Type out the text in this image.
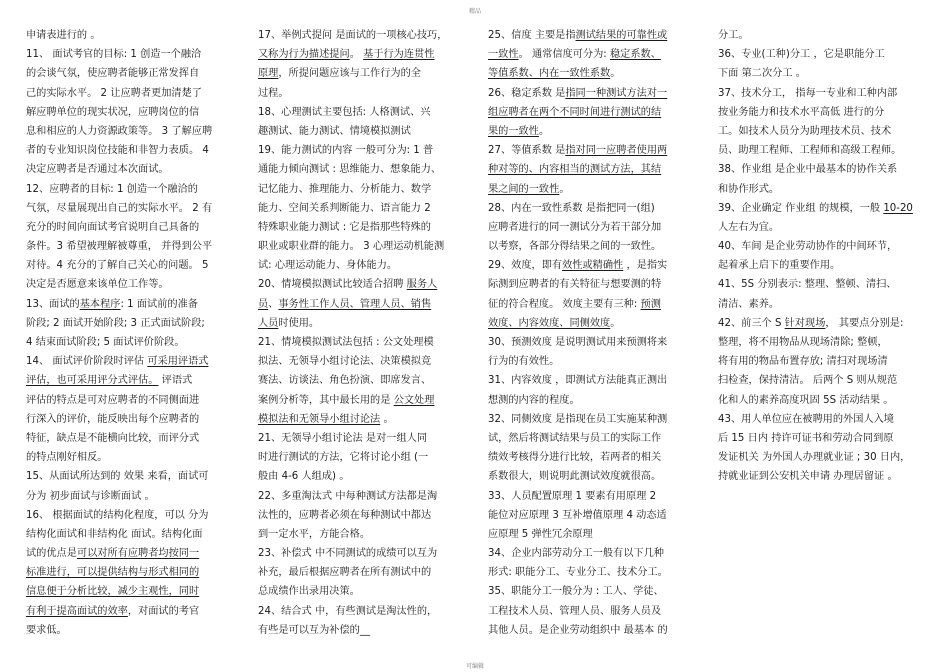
精品
申请表进行的 。
11、 面试考官的目标: 1 创造一个融洽
的会谈气氛，使应聘者能够正常发挥自
己的实际水平。 2 让应聘者更加清楚了
解应聘单位的现实状况，应聘岗位的信
息和相应的人力资源政策等。 3 了解应聘
者的专业知识岗位技能和非智力表质。 4
决定应聘者是否通过本次面试。
12、应聘者的目标: 1 创造一个融洽的
气氛，尽量展现出自己的实际水平。 2 有
充分的时间向面试考官说明自己具备的
条件。3 希望被理解被尊重， 并得到公平
对待。4 充分的了解自己关心的问题。 5
决定是否愿意来该单位工作等。
13、面试的基本程序: 1 面试前的准备
阶段; 2 面试开始阶段; 3 正式面试阶段;
4 结束面试阶段; 5 面试评价阶段。
14、 面试评价阶段时评估 可采用评语式
评估，也可采用评分式评估。 评语式
评估的特点是可对应聘者的不同侧面进
行深入的评价，能反映出每个应聘者的
特征，缺点是不能横向比较，而评分式
的特点刚好相反。
15、从面试所达到的 效果 来看，面试可
分为 初步面试与诊断面试 。
16、 根据面试的结构化程度，可以 分为
结构化面试和非结构化 面试。结构化面
试的优点是可以对所有应聘者均按同一
标准进行，可以提供结构与形式相同的
信息便于分析比较，减少主观性，同时
有利于提高面试的效率，对面试的考官
要求低。
17、举例式提问 是面试的一项核心技巧，
又称为行为描述提问。 基于行为连贯性
原理，所提问题应该与工作行为的全
过程。
18、心理测试主要包括: 人格测试、兴
趣测试、能力测试、情境模拟测试
19、能力测试的内容 一般可分为: 1 普
通能力倾向测试 : 思维能力、想象能力、
记忆能力、推理能力、分析能力、数学
能力、空间关系判断能力、语言能力 2
特殊职业能力测试 : 它是指那些特殊的
职业或职业群的能力。 3 心理运动机能测
试: 心理运动能力、身体能力。
20、情境模拟测试比较适合招聘 服务人
员、事务性工作人员、管理人员、销售
人员时使用。
21、情境模拟测试法包括 : 公文处理模
拟法、无领导小组讨论法、决策模拟竞
赛法、访谈法、角色扮演、即席发言、
案例分析等，其中最长用的是 公文处理
模拟法和无领导小组讨论法 。
21、无领导小组讨论法 是对一组人同
时进行测试的方法，它将讨论小组 (一
般由 4-6 人组成) 。
22、多重淘汰式 中每种测试方法都是淘
汰性的，应聘者必须在每种测试中都达
到一定水平，方能合格。
23、补偿式 中不同测试的成绩可以互为
补充，最后根据应聘者在所有测试中的
总成绩作出录用决策。
24、结合式 中，有些测试是淘汰性的，
有些是可以互为补偿的__
25、信度 主要是指测试结果的可靠性或
一致性。 通常信度可分为: 稳定系数、
等值系数、内在一致性系数。
26、稳定系数 是指同一种测试方法对一
组应聘者在两个不同时间进行测试的结
果的一致性。
27、等值系数 是指对同一应聘者使用两
种对等的、内容相当的测试方法，其结
果之间的一致性。
28、内在一致性系数 是指把同一(组)
应聘者进行的同一测试分为若干部分加
以考察，各部分得结果之间的一致性。
29、效度，即有效性或精确性 ，是指实
际测到应聘者的有关特征与想要测的特
征的符合程度。 效度主要有三种: 预测
效度、内容效度、同侧效度。
30、预测效度 是说明测试用来预测将来
行为的有效性。
31、内容效度 ，即测试方法能真正测出
想测的内容的程度。
32、同侧效度 是指现在员工实施某种测
试，然后将测试结果与员工的实际工作
绩效考核得分进行比较，若两者的相关
系数很大，则说明此测试效度就很高。
33、人员配置原理 1 要素有用原理 2
能位对应原理 3 互补增值原理 4 动态适
应原理 5 弹性冗余原理
34、企业内部劳动分工一般有以下几种
形式: 职能分工、专业分工、技术分工。
35、职能分工一般分为 : 工人、学徒、
工程技术人员、管理人员、服务人员及
其他人员。是企业劳动组织中 最基本 的
分工。
36、专业(工种)分工 ，它是职能分工
下面 第二次分工 。
37、技术分工， 指每一专业和工种内部
按业务能力和技术水平高低 进行的分
工。如技术人员分为助理技术员、技术
员、助理工程师、工程师和高级工程师。
38、作业组 是企业中最基本的协作关系
和协作形式。
39、企业确定 作业组 的规模，一般 10-20
人左右为宜。
40、车间 是企业劳动协作的中间环节，
起着承上启下的重要作用。
41、5S 分别表示: 整理、整顿、清扫、
清洁、素养。
42、前三个 S 针对现场， 其要点分别是:
整理，将不用物品从现场清除; 整顿，
将有用的物品布置存放; 清扫对现场清
扫检查，保持清洁。 后两个 S 则从规范
化和人的素养高度巩固 5S 活动结果 。
43、用人单位应在被聘用的外国人入境
后 15 日内 持许可证书和劳动合同到原
发证机关 为外国人办理就业证 ; 30 日内，
持就业证到公安机关申请 办理居留证 。
可编辑
